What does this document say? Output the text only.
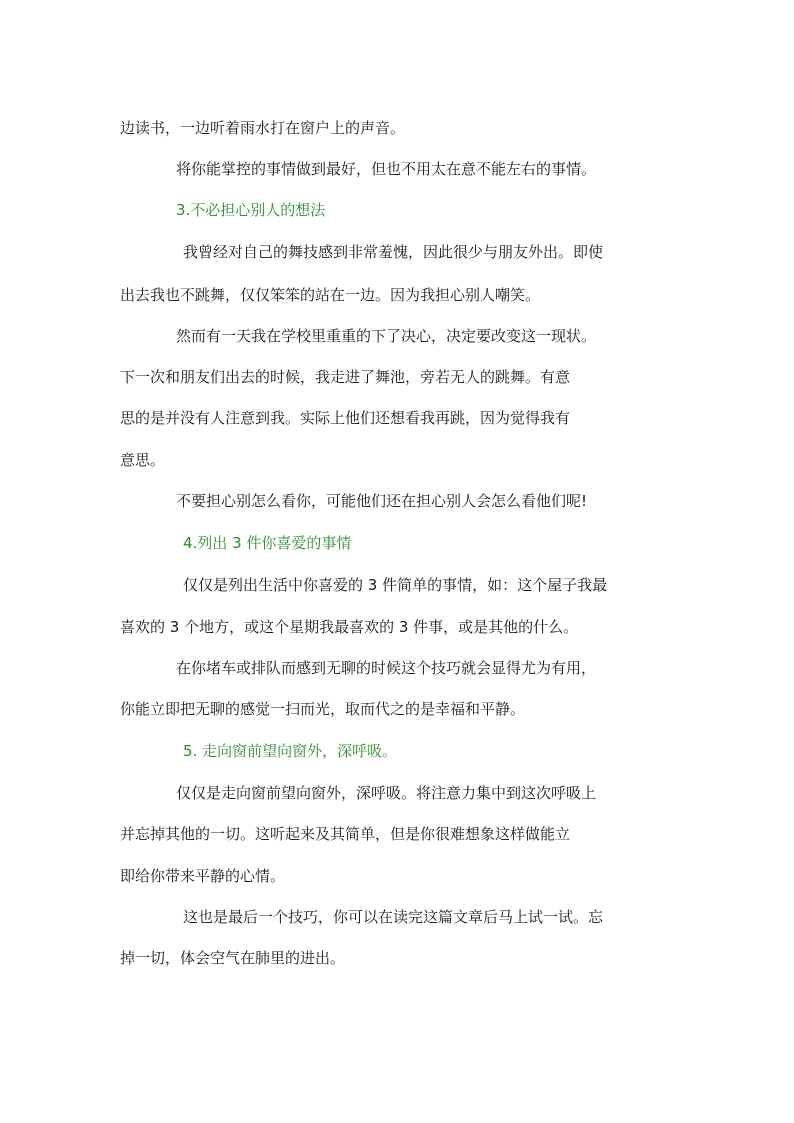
边读书，一边听着雨水打在窗户上的声音。

将你能掌控的事情做到最好，但也不用太在意不能左右的事情。

3.不必担心别人的想法

我曾经对自己的舞技感到非常羞愧，因此很少与朋友外出。即使

出去我也不跳舞，仅仅笨笨的站在一边。因为我担心别人嘲笑。

然而有一天我在学校里重重的下了决心，决定要改变这一现状。

下一次和朋友们出去的时候，我走进了舞池，旁若无人的跳舞。有意

思的是并没有人注意到我。实际上他们还想看我再跳，因为觉得我有

意思。

不要担心别怎么看你，可能他们还在担心别人会怎么看他们呢!

4.列出 3 件你喜爱的事情

仅仅是列出生活中你喜爱的 3 件简单的事情，如：这个屋子我最

喜欢的 3 个地方，或这个星期我最喜欢的 3 件事，或是其他的什么。

在你堵车或排队而感到无聊的时候这个技巧就会显得尤为有用，

你能立即把无聊的感觉一扫而光，取而代之的是幸福和平静。

5. 走向窗前望向窗外，深呼吸。

仅仅是走向窗前望向窗外，深呼吸。将注意力集中到这次呼吸上

并忘掉其他的一切。这听起来及其简单，但是你很难想象这样做能立

即给你带来平静的心情。

这也是最后一个技巧，你可以在读完这篇文章后马上试一试。忘

掉一切，体会空气在肺里的进出。
